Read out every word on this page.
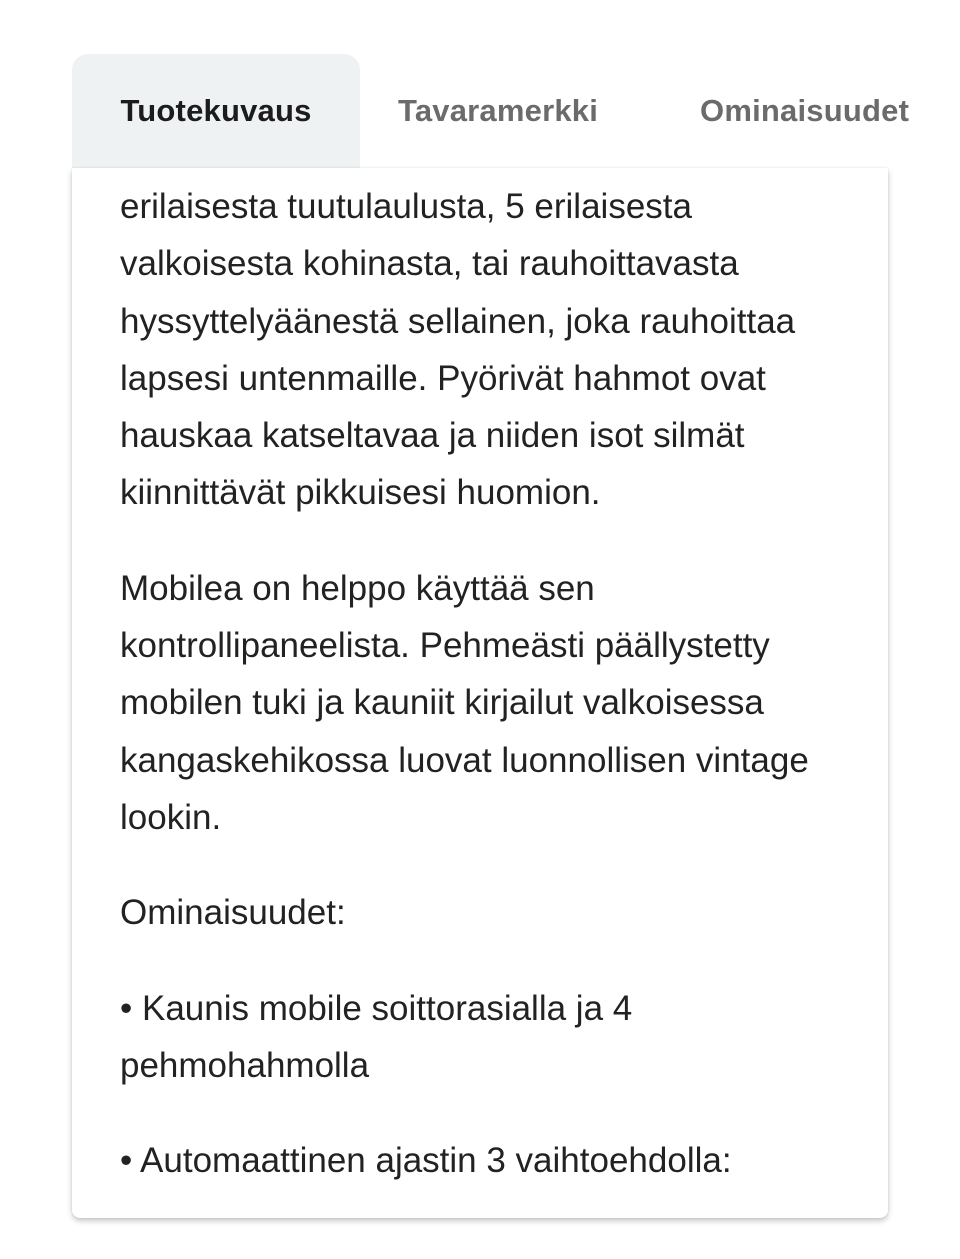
Tuotekuvaus	Tavaramerkki	Ominaisuudet

erilaisesta tuutulaulusta, 5 erilaisesta valkoisesta kohinasta, tai rauhoittavasta hyssyttelyäänestä sellainen, joka rauhoittaa lapsesi untenmaille. Pyörivät hahmot ovat hauskaa katseltavaa ja niiden isot silmät kiinnittävät pikkuisesi huomion.

Mobilea on helppo käyttää sen kontrollipaneelista. Pehmeästi päällystetty mobilen tuki ja kauniit kirjailut valkoisessa kangaskehikossa luovat luonnollisen vintage lookin.

Ominaisuudet:

• Kaunis mobile soittorasialla ja 4 pehmohahmolla

• Automaattinen ajastin 3 vaihtoehdolla:
